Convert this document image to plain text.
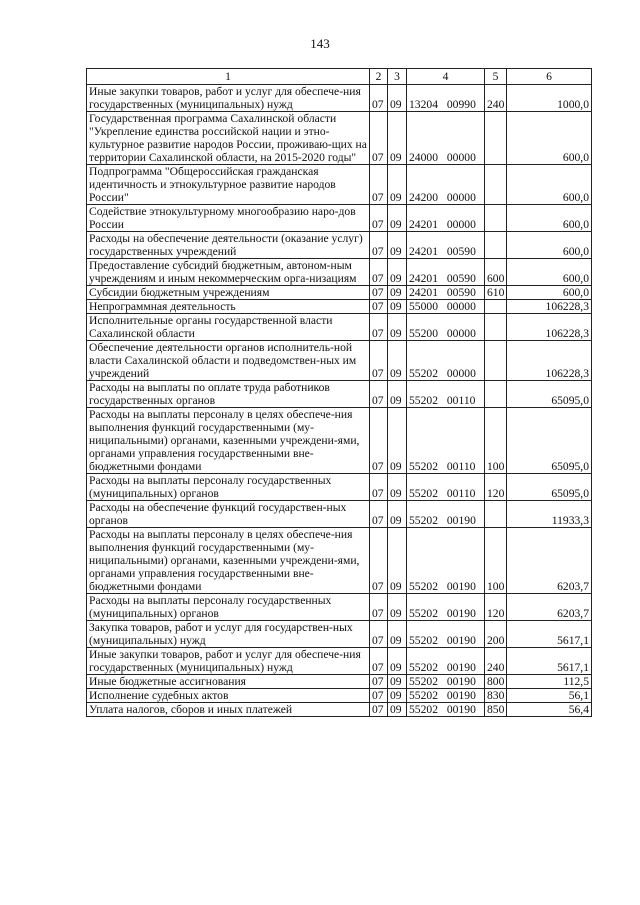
143
1	2	3	4	5	6
Иные закупки товаров, работ и услуг для обеспече-ния государственных (муниципальных) нужд	07	09	13204 00990	240	1000,0
Государственная программа Сахалинской области "Укрепление единства российской нации и этно-культурное развитие народов России, проживаю-щих на территории Сахалинской области, на 2015-2020 годы"	07	09	24000 00000		600,0
Подпрограмма "Общероссийская гражданская идентичность и этнокультурное развитие народов России"	07	09	24200 00000		600,0
Содействие этнокультурному многообразию наро-дов России	07	09	24201 00000		600,0
Расходы на обеспечение деятельности (оказание услуг) государственных учреждений	07	09	24201 00590		600,0
Предоставление субсидий бюджетным, автоном-ным учреждениям и иным некоммерческим орга-низациям	07	09	24201 00590	600	600,0
Субсидии бюджетным учреждениям	07	09	24201 00590	610	600,0
Непрограммная деятельность	07	09	55000 00000		106228,3
Исполнительные органы государственной власти Сахалинской области	07	09	55200 00000		106228,3
Обеспечение деятельности органов исполнитель-ной власти Сахалинской области и подведомствен-ных им учреждений	07	09	55202 00000		106228,3
Расходы на выплаты по оплате труда работников государственных органов	07	09	55202 00110		65095,0
Расходы на выплаты персоналу в целях обеспече-ния выполнения функций государственными (му-ниципальными) органами, казенными учреждени-ями, органами управления государственными вне-бюджетными фондами	07	09	55202 00110	100	65095,0
Расходы на выплаты персоналу государственных (муниципальных) органов	07	09	55202 00110	120	65095,0
Расходы на обеспечение функций государствен-ных органов	07	09	55202 00190		11933,3
Расходы на выплаты персоналу в целях обеспече-ния выполнения функций государственными (му-ниципальными) органами, казенными учреждени-ями, органами управления государственными вне-бюджетными фондами	07	09	55202 00190	100	6203,7
Расходы на выплаты персоналу государственных (муниципальных) органов	07	09	55202 00190	120	6203,7
Закупка товаров, работ и услуг для государствен-ных (муниципальных) нужд	07	09	55202 00190	200	5617,1
Иные закупки товаров, работ и услуг для обеспече-ния государственных (муниципальных) нужд	07	09	55202 00190	240	5617,1
Иные бюджетные ассигнования	07	09	55202 00190	800	112,5
Исполнение судебных актов	07	09	55202 00190	830	56,1
Уплата налогов, сборов и иных платежей	07	09	55202 00190	850	56,4
